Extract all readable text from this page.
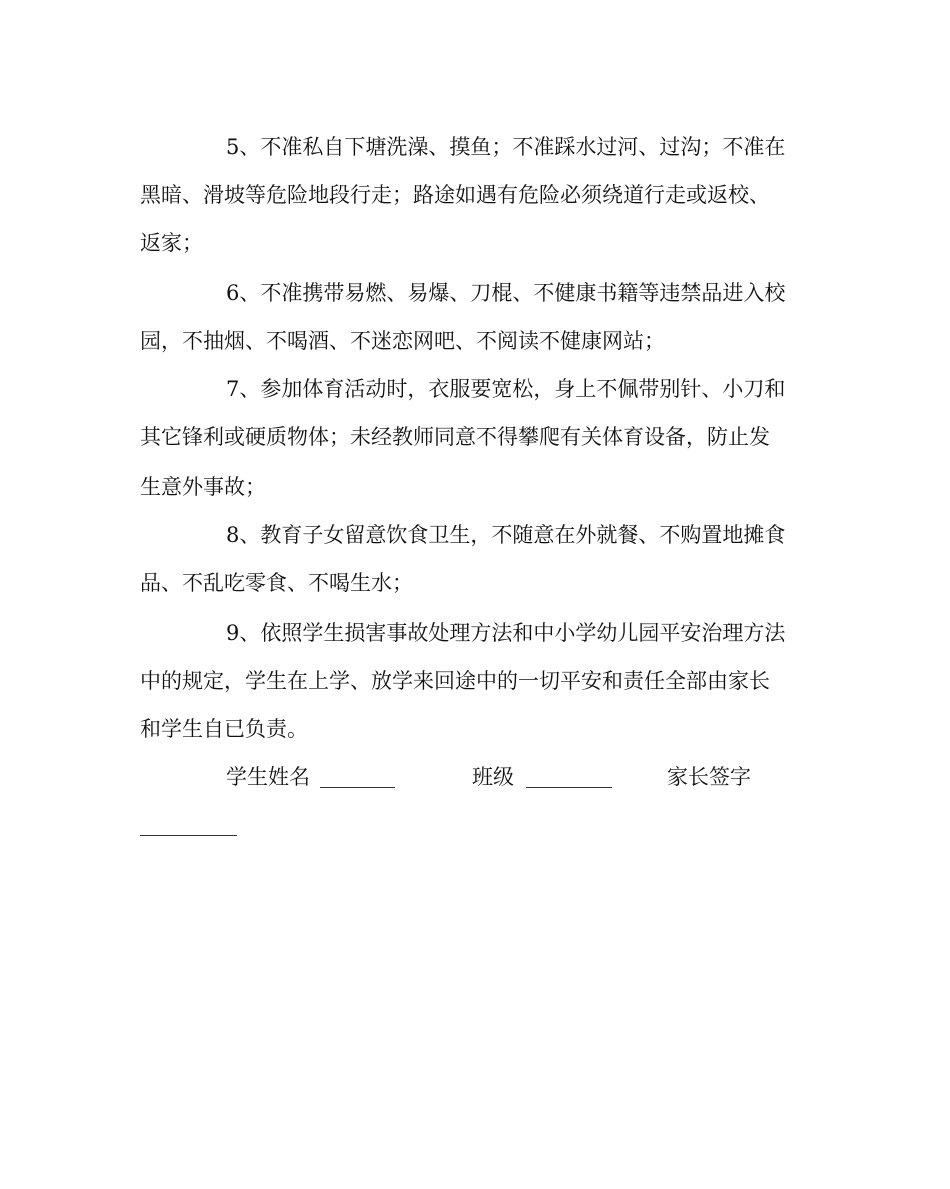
5、不准私自下塘洗澡、摸鱼；不准踩水过河、过沟；不准在
黑暗、滑坡等危险地段行走；路途如遇有危险必须绕道行走或返校、
返家；
6、不准携带易燃、易爆、刀棍、不健康书籍等违禁品进入校
园，不抽烟、不喝酒、不迷恋网吧、不阅读不健康网站；
7、参加体育活动时，衣服要宽松，身上不佩带别针、小刀和
其它锋利或硬质物体；未经教师同意不得攀爬有关体育设备，防止发
生意外事故；
8、教育子女留意饮食卫生，不随意在外就餐、不购置地摊食
品、不乱吃零食、不喝生水；
9、依照学生损害事故处理方法和中小学幼儿园平安治理方法
中的规定，学生在上学、放学来回途中的一切平安和责任全部由家长
和学生自已负责。
学生姓名	班级	家长签字
